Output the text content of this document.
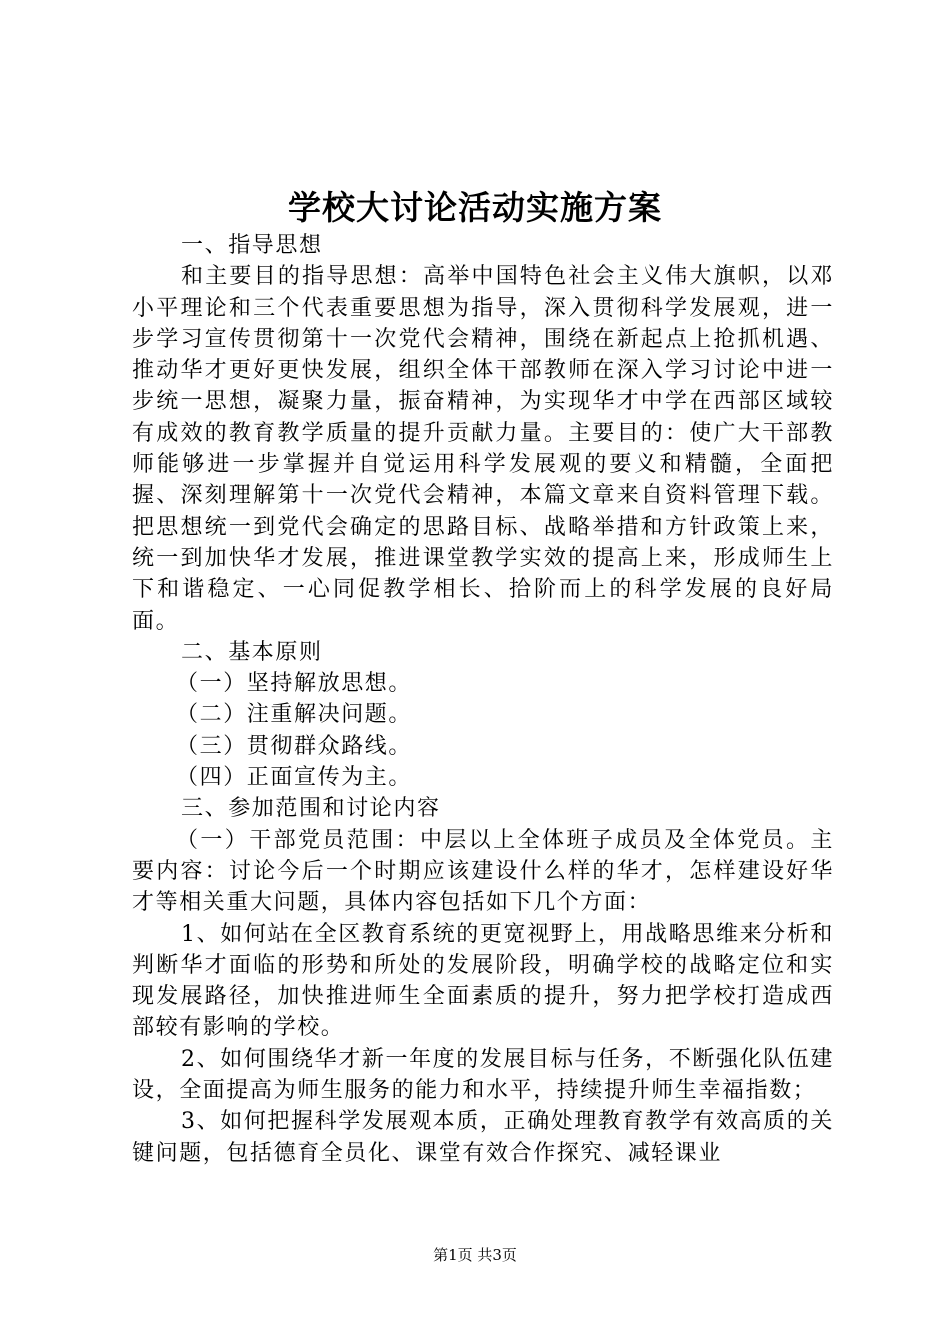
学校大讨论活动实施方案

一、指导思想

和主要目的指导思想：高举中国特色社会主义伟大旗帜，以邓小平理论和三个代表重要思想为指导，深入贯彻科学发展观，进一步学习宣传贯彻第十一次党代会精神，围绕在新起点上抢抓机遇、推动华才更好更快发展，组织全体干部教师在深入学习讨论中进一步统一思想，凝聚力量，振奋精神，为实现华才中学在西部区域较有成效的教育教学质量的提升贡献力量。主要目的：使广大干部教师能够进一步掌握并自觉运用科学发展观的要义和精髓，全面把握、深刻理解第十一次党代会精神，本篇文章来自资料管理下载。把思想统一到党代会确定的思路目标、战略举措和方针政策上来，统一到加快华才发展，推进课堂教学实效的提高上来，形成师生上下和谐稳定、一心同促教学相长、拾阶而上的科学发展的良好局面。

二、基本原则

（一）坚持解放思想。

（二）注重解决问题。

（三）贯彻群众路线。

（四）正面宣传为主。

三、参加范围和讨论内容

（一）干部党员范围：中层以上全体班子成员及全体党员。主要内容：讨论今后一个时期应该建设什么样的华才，怎样建设好华才等相关重大问题，具体内容包括如下几个方面：

1、如何站在全区教育系统的更宽视野上，用战略思维来分析和判断华才面临的形势和所处的发展阶段，明确学校的战略定位和实现发展路径，加快推进师生全面素质的提升，努力把学校打造成西部较有影响的学校。

2、如何围绕华才新一年度的发展目标与任务，不断强化队伍建设，全面提高为师生服务的能力和水平，持续提升师生幸福指数；

3、如何把握科学发展观本质，正确处理教育教学有效高质的关键问题，包括德育全员化、课堂有效合作探究、减轻课业

第1页 共3页
